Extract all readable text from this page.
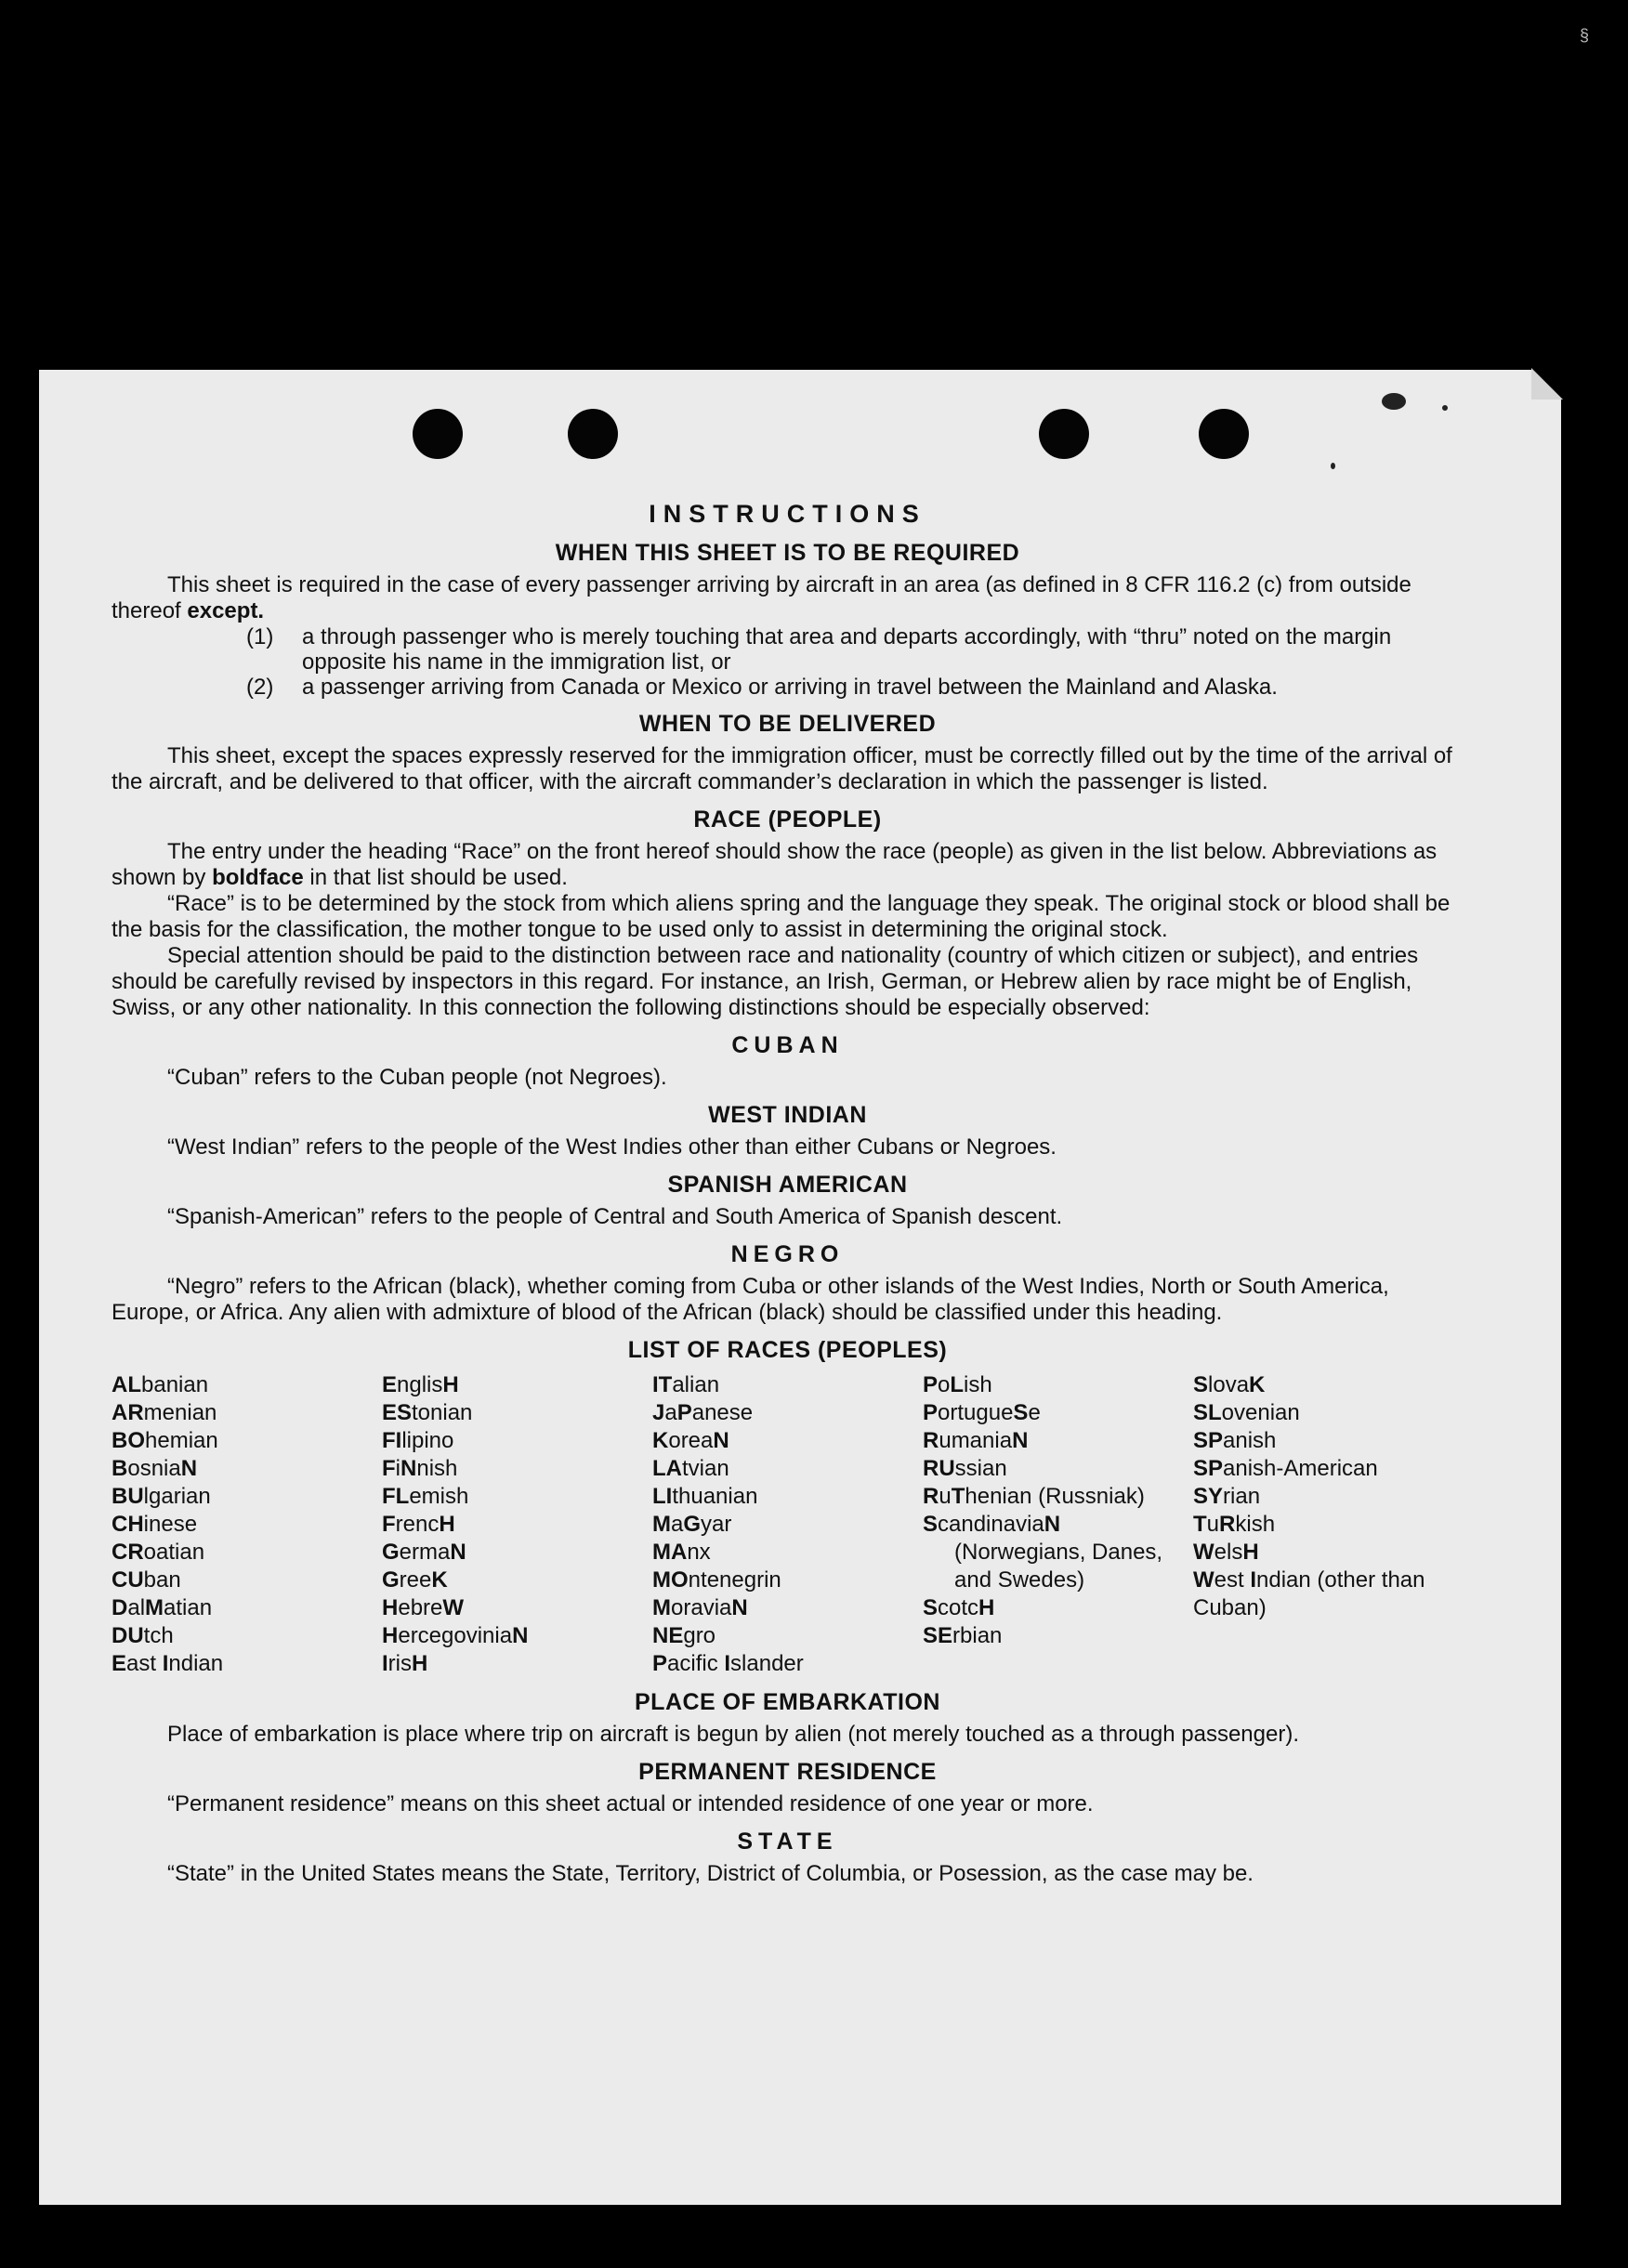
§
INSTRUCTIONS
WHEN THIS SHEET IS TO BE REQUIRED

This sheet is required in the case of every passenger arriving by aircraft in an area (as defined in 8 CFR 116.2 (c) from outside thereof except.

(1)	a through passenger who is merely touching that area and departs accordingly, with “thru” noted on the margin opposite his name in the immigration list, or
(2)	a passenger arriving from Canada or Mexico or arriving in travel between the Mainland and Alaska.
WHEN TO BE DELIVERED

This sheet, except the spaces expressly reserved for the immigration officer, must be correctly filled out by the time of the arrival of the aircraft, and be delivered to that officer, with the aircraft commander’s declaration in which the passenger is listed.

RACE (PEOPLE)

The entry under the heading “Race” on the front hereof should show the race (people) as given in the list below. Abbreviations as shown by boldface in that list should be used.

“Race” is to be determined by the stock from which aliens spring and the language they speak. The original stock or blood shall be the basis for the classification, the mother tongue to be used only to assist in determining the original stock.

Special attention should be paid to the distinction between race and nationality (country of which citizen or subject), and entries should be carefully revised by inspectors in this regard. For instance, an Irish, German, or Hebrew alien by race might be of English, Swiss, or any other nationality. In this connection the following distinctions should be especially observed:

CUBAN

“Cuban” refers to the Cuban people (not Negroes).

WEST INDIAN

“West Indian” refers to the people of the West Indies other than either Cubans or Negroes.

SPANISH AMERICAN

“Spanish-American” refers to the people of Central and South America of Spanish descent.

NEGRO

“Negro” refers to the African (black), whether coming from Cuba or other islands of the West Indies, North or South America, Europe, or Africa. Any alien with admixture of blood of the African (black) should be classified under this heading.

LIST OF RACES (PEOPLES)
ALbanian
ARmenian
BOhemian
BosniaN
BUlgarian
CHinese
CRoatian
CUban
DalMatian
DUtch
East Indian
EnglisH
EStonian
FIlipino
FiNnish
FLemish
FrencH
GermaN
GreeK
HebreW
HercegoviniaN
IrisH
ITalian
JaPanese
KoreaN
LAtvian
LIthuanian
MaGyar
MAnx
MOntenegrin
MoraviaN
NEgro
Pacific Islander
PoLish
PortugueSe
RumaniaN
RUssian
RuThenian (Russniak)
ScandinaviaN
(Norwegians, Danes, and Swedes)
ScotcH
SErbian
SlovaK
SLovenian
SPanish
SPanish-American
SYrian
TuRkish
WelsH
West Indian (other than Cuban)
PLACE OF EMBARKATION

Place of embarkation is place where trip on aircraft is begun by alien (not merely touched as a through passenger).

PERMANENT RESIDENCE

“Permanent residence” means on this sheet actual or intended residence of one year or more.

STATE

“State” in the United States means the State, Territory, District of Columbia, or Posession, as the case may be.
